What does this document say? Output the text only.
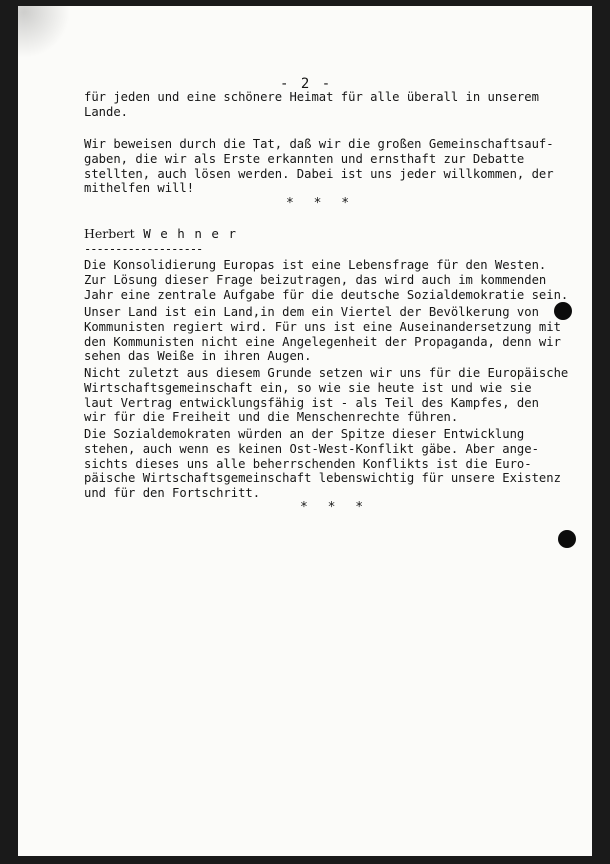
- 2 -
für jeden und eine schönere Heimat für alle überall in unserem
Lande.
Wir beweisen durch die Tat, daß wir die großen Gemeinschaftsauf-
gaben, die wir als Erste erkannten und ernsthaft zur Debatte
stellten, auch lösen werden. Dabei ist uns jeder willkommen, der
mithelfen will!
* * *
Herbert W e h n e r
-------------------
Die Konsolidierung Europas ist eine Lebensfrage für den Westen.
Zur Lösung dieser Frage beizutragen, das wird auch im kommenden
Jahr eine zentrale Aufgabe für die deutsche Sozialdemokratie sein.
Unser Land ist ein Land,in dem ein Viertel der Bevölkerung von
Kommunisten regiert wird. Für uns ist eine Auseinandersetzung mit
den Kommunisten nicht eine Angelegenheit der Propaganda, denn wir
sehen das Weiße in ihren Augen.
Nicht zuletzt aus diesem Grunde setzen wir uns für die Europäische
Wirtschaftsgemeinschaft ein, so wie sie heute ist und wie sie
laut Vertrag entwicklungsfähig ist - als Teil des Kampfes, den
wir für die Freiheit und die Menschenrechte führen.
Die Sozialdemokraten würden an der Spitze dieser Entwicklung
stehen, auch wenn es keinen Ost-West-Konflikt gäbe. Aber ange-
sichts dieses uns alle beherrschenden Konflikts ist die Euro-
päische Wirtschaftsgemeinschaft lebenswichtig für unsere Existenz
und für den Fortschritt.
* * *
